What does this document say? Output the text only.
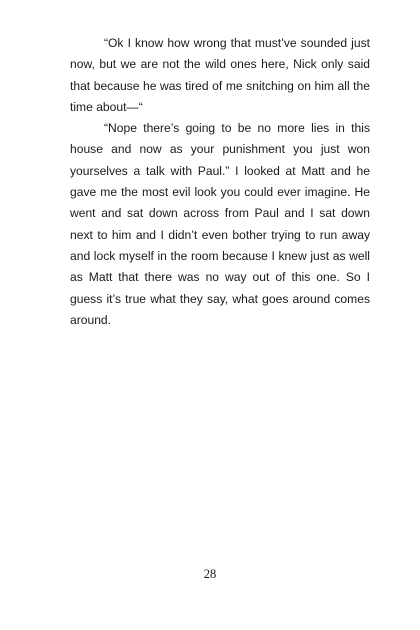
“Ok I know how wrong that must’ve sounded just now, but we are not the wild ones here, Nick only said that because he was tired of me snitching on him all the time about—“

“Nope there’s going to be no more lies in this house and now as your punishment you just won yourselves a talk with Paul.” I looked at Matt and he gave me the most evil look you could ever imagine. He went and sat down across from Paul and I sat down next to him and I didn’t even bother trying to run away and lock myself in the room because I knew just as well as Matt that there was no way out of this one. So I guess it’s true what they say, what goes around comes around.

28
